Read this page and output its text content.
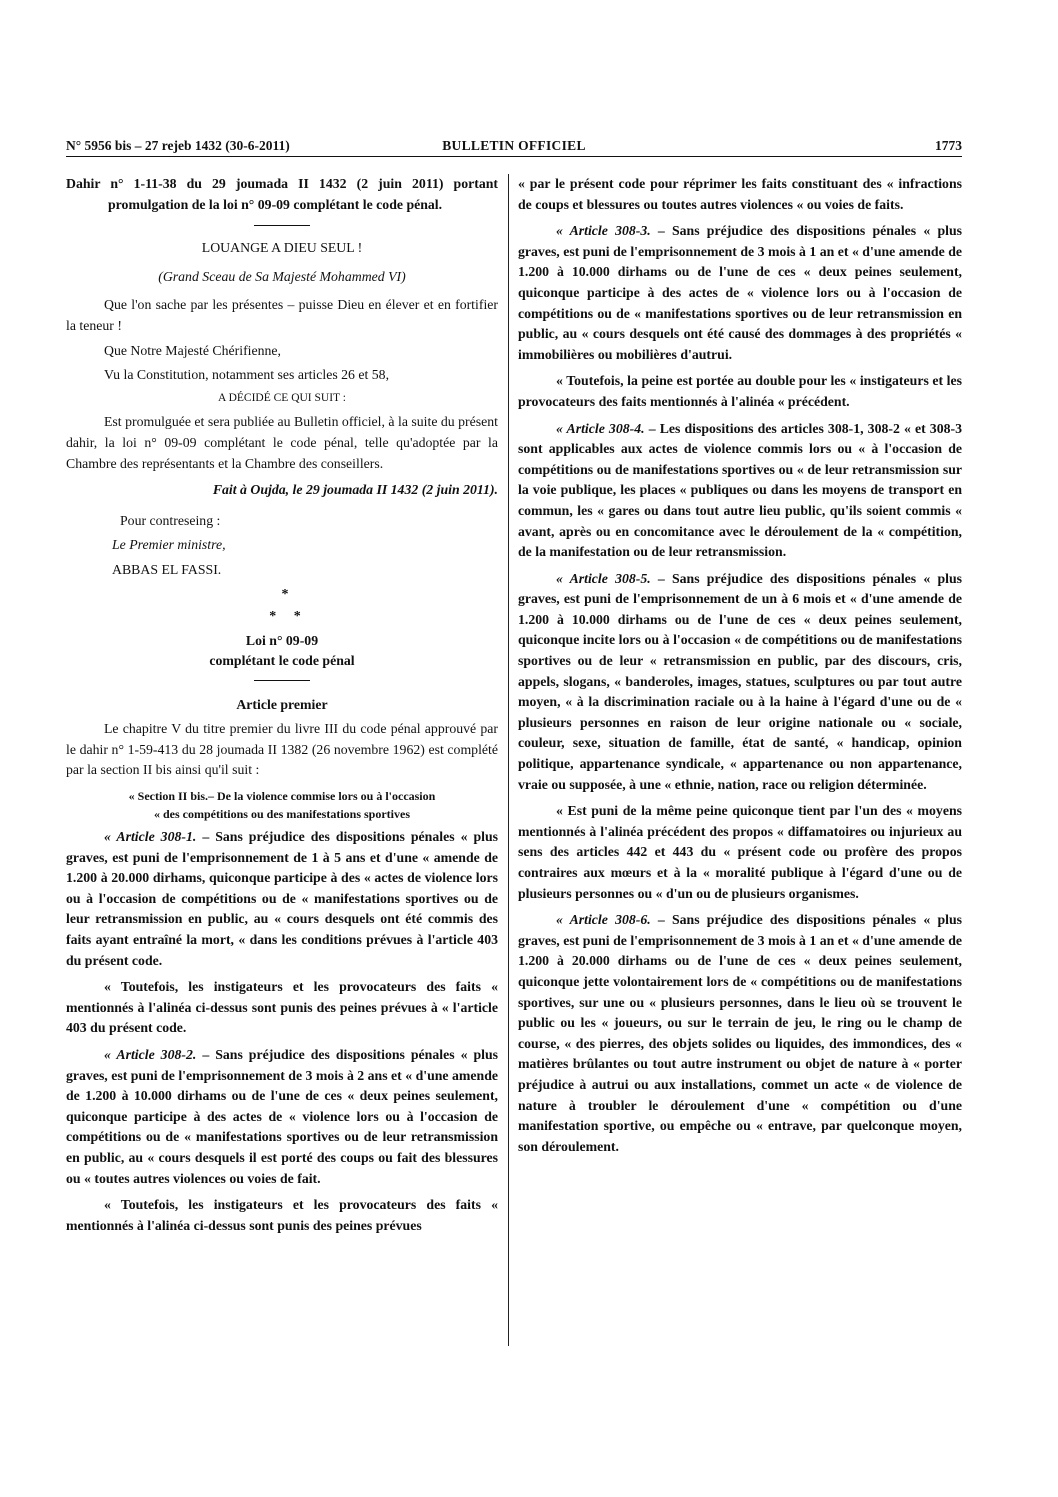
N° 5956 bis – 27 rejeb 1432 (30-6-2011)	BULLETIN OFFICIEL	1773

Dahir n° 1-11-38 du 29 joumada II 1432 (2 juin 2011) portant promulgation de la loi n° 09-09 complétant le code pénal.

LOUANGE A DIEU SEUL !

(Grand Sceau de Sa Majesté Mohammed VI)

Que l'on sache par les présentes – puisse Dieu en élever et en fortifier la teneur !

Que Notre Majesté Chérifienne,

Vu la Constitution, notamment ses articles 26 et 58,

A DÉCIDÉ CE QUI SUIT :

Est promulguée et sera publiée au Bulletin officiel, à la suite du présent dahir, la loi n° 09-09 complétant le code pénal, telle qu'adoptée par la Chambre des représentants et la Chambre des conseillers.

Fait à Oujda, le 29 joumada II 1432 (2 juin 2011).

Pour contreseing :

Le Premier ministre,

ABBAS EL FASSI.

*
* *

Loi n° 09-09

complétant le code pénal

Article premier

Le chapitre V du titre premier du livre III du code pénal approuvé par le dahir n° 1-59-413 du 28 joumada II 1382 (26 novembre 1962) est complété par la section II bis ainsi qu'il suit :

« Section II bis.– De la violence commise lors ou à l'occasion

« des compétitions ou des manifestations sportives

« Article 308-1. – Sans préjudice des dispositions pénales « plus graves, est puni de l'emprisonnement de 1 à 5 ans et d'une « amende de 1.200 à 20.000 dirhams, quiconque participe à des « actes de violence lors ou à l'occasion de compétitions ou de « manifestations sportives ou de leur retransmission en public, au « cours desquels ont été commis des faits ayant entraîné la mort, « dans les conditions prévues à l'article 403 du présent code.

« Toutefois, les instigateurs et les provocateurs des faits « mentionnés à l'alinéa ci-dessus sont punis des peines prévues à « l'article 403 du présent code.

« Article 308-2. – Sans préjudice des dispositions pénales « plus graves, est puni de l'emprisonnement de 3 mois à 2 ans et « d'une amende de 1.200 à 10.000 dirhams ou de l'une de ces « deux peines seulement, quiconque participe à des actes de « violence lors ou à l'occasion de compétitions ou de « manifestations sportives ou de leur retransmission en public, au « cours desquels il est porté des coups ou fait des blessures ou « toutes autres violences ou voies de fait.

« Toutefois, les instigateurs et les provocateurs des faits « mentionnés à l'alinéa ci-dessus sont punis des peines prévues

« par le présent code pour réprimer les faits constituant des « infractions de coups et blessures ou toutes autres violences « ou voies de faits.

« Article 308-3. – Sans préjudice des dispositions pénales « plus graves, est puni de l'emprisonnement de 3 mois à 1 an et « d'une amende de 1.200 à 10.000 dirhams ou de l'une de ces « deux peines seulement, quiconque participe à des actes de « violence lors ou à l'occasion de compétitions ou de « manifestations sportives ou de leur retransmission en public, au « cours desquels ont été causé des dommages à des propriétés « immobilières ou mobilières d'autrui.

« Toutefois, la peine est portée au double pour les « instigateurs et les provocateurs des faits mentionnés à l'alinéa « précédent.

« Article 308-4. – Les dispositions des articles 308-1, 308-2 « et 308-3 sont applicables aux actes de violence commis lors ou « à l'occasion de compétitions ou de manifestations sportives ou « de leur retransmission sur la voie publique, les places « publiques ou dans les moyens de transport en commun, les « gares ou dans tout autre lieu public, qu'ils soient commis « avant, après ou en concomitance avec le déroulement de la « compétition, de la manifestation ou de leur retransmission.

« Article 308-5. – Sans préjudice des dispositions pénales « plus graves, est puni de l'emprisonnement de un à 6 mois et « d'une amende de 1.200 à 10.000 dirhams ou de l'une de ces « deux peines seulement, quiconque incite lors ou à l'occasion « de compétitions ou de manifestations sportives ou de leur « retransmission en public, par des discours, cris, appels, slogans, « banderoles, images, statues, sculptures ou par tout autre moyen, « à la discrimination raciale ou à la haine à l'égard d'une ou de « plusieurs personnes en raison de leur origine nationale ou « sociale, couleur, sexe, situation de famille, état de santé, « handicap, opinion politique, appartenance syndicale, « appartenance ou non appartenance, vraie ou supposée, à une « ethnie, nation, race ou religion déterminée.

« Est puni de la même peine quiconque tient par l'un des « moyens mentionnés à l'alinéa précédent des propos « diffamatoires ou injurieux au sens des articles 442 et 443 du « présent code ou profère des propos contraires aux mœurs et à la « moralité publique à l'égard d'une ou de plusieurs personnes ou « d'un ou de plusieurs organismes.

« Article 308-6. – Sans préjudice des dispositions pénales « plus graves, est puni de l'emprisonnement de 3 mois à 1 an et « d'une amende de 1.200 à 20.000 dirhams ou de l'une de ces « deux peines seulement, quiconque jette volontairement lors de « compétitions ou de manifestations sportives, sur une ou « plusieurs personnes, dans le lieu où se trouvent le public ou les « joueurs, ou sur le terrain de jeu, le ring ou le champ de course, « des pierres, des objets solides ou liquides, des immondices, des « matières brûlantes ou tout autre instrument ou objet de nature à « porter préjudice à autrui ou aux installations, commet un acte « de violence de nature à troubler le déroulement d'une « compétition ou d'une manifestation sportive, ou empêche ou « entrave, par quelconque moyen, son déroulement.
